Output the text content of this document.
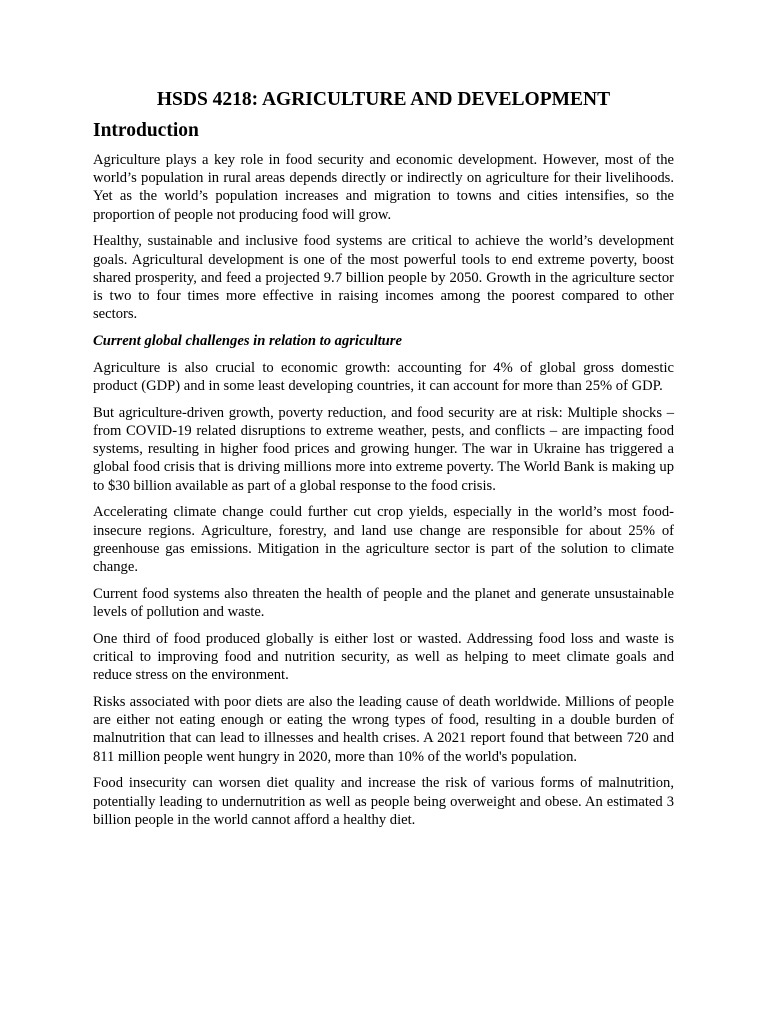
HSDS 4218: AGRICULTURE AND DEVELOPMENT
Introduction

Agriculture plays a key role in food security and economic development. However, most of the world’s population in rural areas depends directly or indirectly on agriculture for their livelihoods. Yet as the world’s population increases and migration to towns and cities intensifies, so the proportion of people not producing food will grow.

Healthy, sustainable and inclusive food systems are critical to achieve the world’s development goals. Agricultural development is one of the most powerful tools to end extreme poverty, boost shared prosperity, and feed a projected 9.7 billion people by 2050. Growth in the agriculture sector is two to four times more effective in raising incomes among the poorest compared to other sectors.

Current global challenges in relation to agriculture

Agriculture is also crucial to economic growth: accounting for 4% of global gross domestic product (GDP) and in some least developing countries, it can account for more than 25% of GDP.

But agriculture-driven growth, poverty reduction, and food security are at risk: Multiple shocks – from COVID-19 related disruptions to extreme weather, pests, and conflicts – are impacting food systems, resulting in higher food prices and growing hunger. The war in Ukraine has triggered a global food crisis that is driving millions more into extreme poverty. The World Bank is making up to $30 billion available as part of a global response to the food crisis.

Accelerating climate change could further cut crop yields, especially in the world’s most food-insecure regions. Agriculture, forestry, and land use change are responsible for about 25% of greenhouse gas emissions. Mitigation in the agriculture sector is part of the solution to climate change.

Current food systems also threaten the health of people and the planet and generate unsustainable levels of pollution and waste.

One third of food produced globally is either lost or wasted. Addressing food loss and waste is critical to improving food and nutrition security, as well as helping to meet climate goals and reduce stress on the environment.

Risks associated with poor diets are also the leading cause of death worldwide. Millions of people are either not eating enough or eating the wrong types of food, resulting in a double burden of malnutrition that can lead to illnesses and health crises. A 2021 report found that between 720 and 811 million people went hungry in 2020, more than 10% of the world's population.

Food insecurity can worsen diet quality and increase the risk of various forms of malnutrition, potentially leading to undernutrition as well as people being overweight and obese. An estimated 3 billion people in the world cannot afford a healthy diet.
